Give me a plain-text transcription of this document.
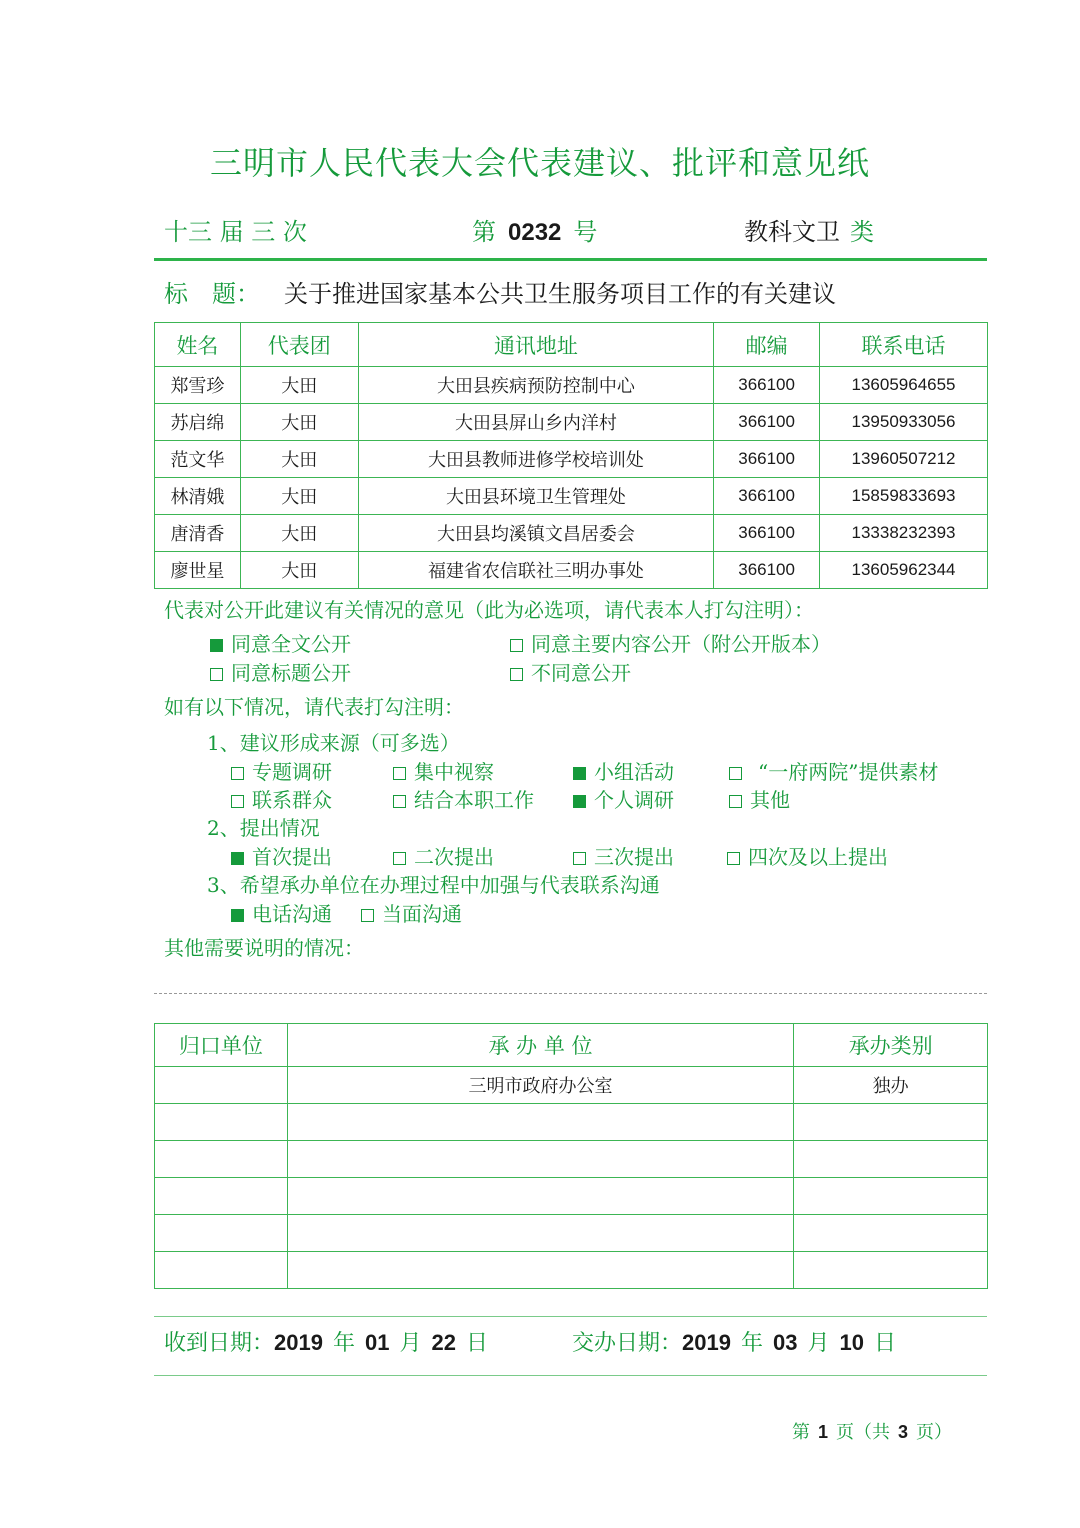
三明市人民代表大会代表建议、批评和意见纸
十三 届 三 次	第 0232 号	教科文卫 类
标　题： 关于推进国家基本公共卫生服务项目工作的有关建议
姓名	代表团	通讯地址	邮编	联系电话
郑雪珍	大田	大田县疾病预防控制中心	366100	13605964655
苏启绵	大田	大田县屏山乡内洋村	366100	13950933056
范文华	大田	大田县教师进修学校培训处	366100	13960507212
林清娥	大田	大田县环境卫生管理处	366100	15859833693
唐清香	大田	大田县均溪镇文昌居委会	366100	13338232393
廖世星	大田	福建省农信联社三明办事处	366100	13605962344
代表对公开此建议有关情况的意见（此为必选项，请代表本人打勾注明）：
同意全文公开	同意主要内容公开（附公开版本）
同意标题公开	不同意公开
如有以下情况，请代表打勾注明：
1、建议形成来源（可多选）
专题调研	集中视察	小组活动	“一府两院”提供素材
联系群众	结合本职工作	个人调研	其他
2、提出情况
首次提出	二次提出	三次提出	四次及以上提出
3、希望承办单位在办理过程中加强与代表联系沟通
电话沟通	当面沟通
其他需要说明的情况：
归口单位	承 办 单 位	承办类别
	三明市政府办公室	独办

收到日期：2019 年 01 月 22 日	交办日期：2019 年 03 月 10 日
第 1 页（共 3 页）
